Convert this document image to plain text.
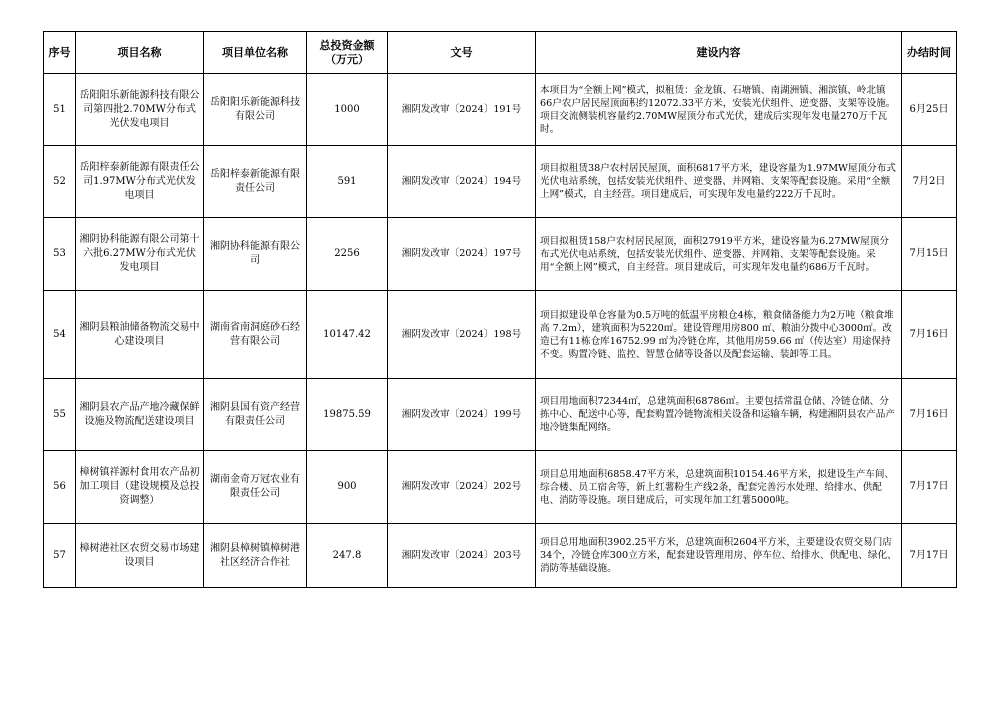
序号	项目名称	项目单位名称	总投资金额（万元）	文号	建设内容	办结时间
51	岳阳阳乐新能源科技有限公司第四批2.70MW分布式光伏发电项目	岳阳阳乐新能源科技有限公司	1000	湘阴发改审〔2024〕191号	本项目为“全额上网”模式，拟租赁：金龙镇、石塘镇、南湖洲镇、湘滨镇、岭北镇66户农户居民屋顶面积约12072.33平方米，安装光伏组件、逆变器、支架等设施。项目交流侧装机容量约2.70MW屋顶分布式光伏，建成后实现年发电量270万千瓦时。	6月25日
52	岳阳梓泰新能源有限责任公司1.97MW分布式光伏发电项目	岳阳梓泰新能源有限责任公司	591	湘阴发改审〔2024〕194号	项目拟租赁38户农村居民屋顶，面积6817平方米，建设容量为1.97MW屋顶分布式光伏电站系统，包括安装光伏组件、逆变器、并网箱、支架等配套设施。采用“全额上网”模式，自主经营。项目建成后，可实现年发电量约222万千瓦时。	7月2日
53	湘阴协科能源有限公司第十六批6.27MW分布式光伏发电项目	湘阴协科能源有限公司	2256	湘阴发改审〔2024〕197号	项目拟租赁158户农村居民屋顶，面积27919平方米，建设容量为6.27MW屋顶分布式光伏电站系统，包括安装光伏组件、逆变器、并网箱、支架等配套设施。采用“全额上网”模式，自主经营。项目建成后，可实现年发电量约686万千瓦时。	7月15日
54	湘阴县粮油储备物流交易中心建设项目	湖南省南洞庭砂石经营有限公司	10147.42	湘阴发改审〔2024〕198号	项目拟建设单仓容量为0.5万吨的低温平房粮仓4栋，粮食储备能力为2万吨（粮食堆高 7.2m），建筑面积为5220㎡。建设管理用房800 ㎡、粮油分拨中心3000㎡。改造已有11栋仓库16752.99 ㎡为冷链仓库，其他用房59.66 ㎡（传达室）用途保持不变。购置冷链、监控、智慧仓储等设备以及配套运输、装卸等工具。	7月16日
55	湘阴县农产品产地冷藏保鲜设施及物流配送建设项目	湘阴县国有资产经营有限责任公司	19875.59	湘阴发改审〔2024〕199号	项目用地面积72344㎡，总建筑面积68786㎡。主要包括常温仓储、冷链仓储、分拣中心、配送中心等，配套购置冷链物流相关设备和运输车辆，构建湘阴县农产品产地冷链集配网络。	7月16日
56	樟树镇祥源村食用农产品初加工项目（建设规模及总投资调整）	湖南金奇万冠农业有限责任公司	900	湘阴发改审〔2024〕202号	项目总用地面积6858.47平方米，总建筑面积10154.46平方米，拟建设生产车间、综合楼、员工宿舍等，新上红薯粉生产线2条，配套完善污水处理、给排水、供配电、消防等设施。项目建成后，可实现年加工红薯5000吨。	7月17日
57	樟树港社区农贸交易市场建设项目	湘阴县樟树镇樟树港社区经济合作社	247.8	湘阴发改审〔2024〕203号	项目总用地面积3902.25平方米，总建筑面积2604平方米，主要建设农贸交易门店34个，冷链仓库300立方米，配套建设管理用房、停车位、给排水、供配电、绿化、消防等基础设施。	7月17日
